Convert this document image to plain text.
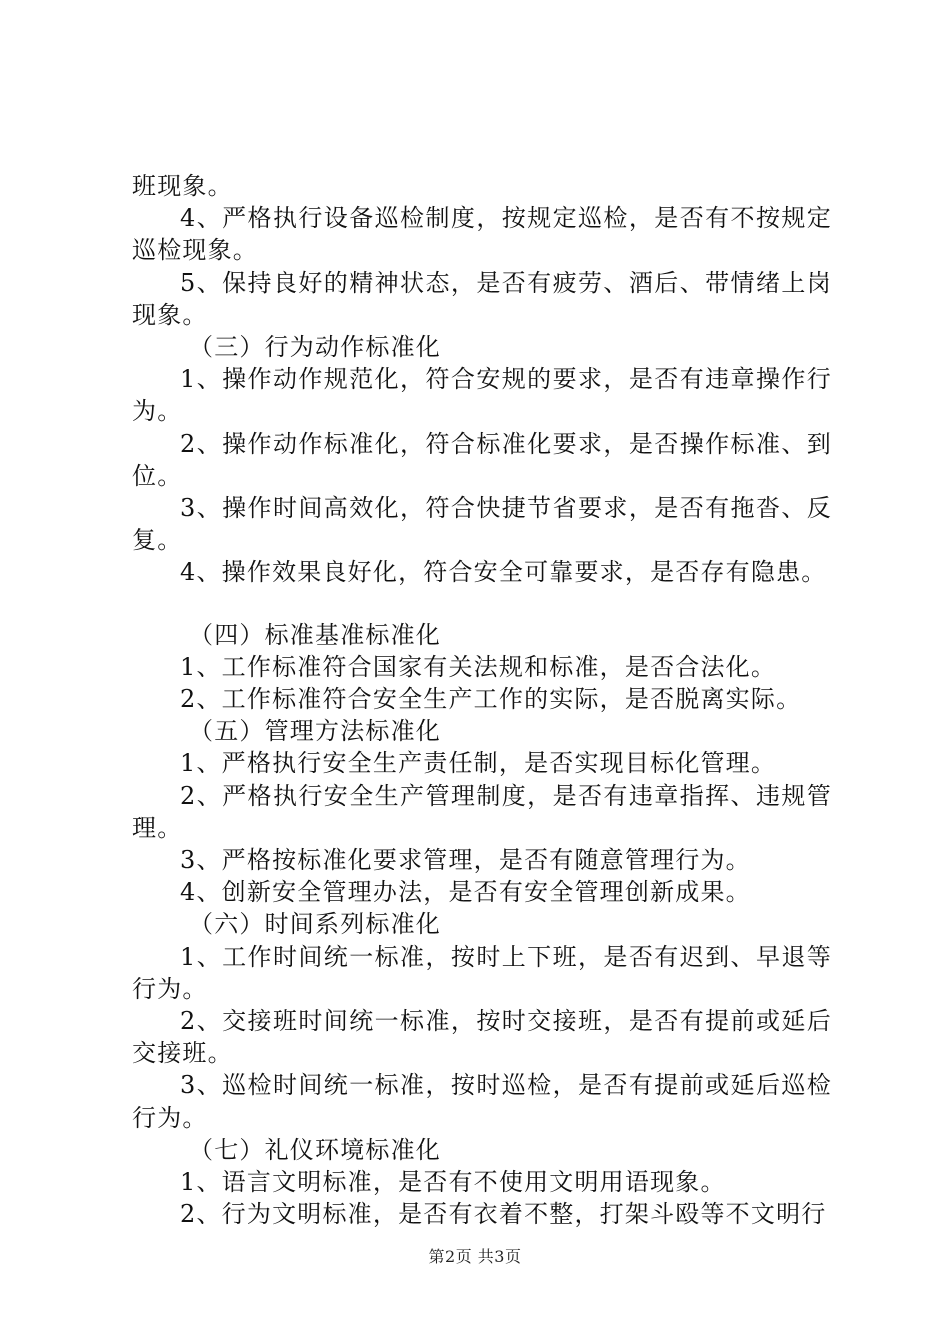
班现象。

4、严格执行设备巡检制度，按规定巡检，是否有不按规定巡检现象。

5、保持良好的精神状态，是否有疲劳、酒后、带情绪上岗现象。

（三）行为动作标准化

1、操作动作规范化，符合安规的要求，是否有违章操作行为。

2、操作动作标准化，符合标准化要求，是否操作标准、到位。

3、操作时间高效化，符合快捷节省要求，是否有拖沓、反复。

4、操作效果良好化，符合安全可靠要求，是否存有隐患。

（四）标准基准标准化

1、工作标准符合国家有关法规和标准，是否合法化。

2、工作标准符合安全生产工作的实际，是否脱离实际。

（五）管理方法标准化

1、严格执行安全生产责任制，是否实现目标化管理。

2、严格执行安全生产管理制度，是否有违章指挥、违规管理。

3、严格按标准化要求管理，是否有随意管理行为。

4、创新安全管理办法，是否有安全管理创新成果。

（六）时间系列标准化

1、工作时间统一标准，按时上下班，是否有迟到、早退等行为。

2、交接班时间统一标准，按时交接班，是否有提前或延后交接班。

3、巡检时间统一标准，按时巡检，是否有提前或延后巡检行为。

（七）礼仪环境标准化

1、语言文明标准，是否有不使用文明用语现象。

2、行为文明标准，是否有衣着不整，打架斗殴等不文明行

第2页 共3页
